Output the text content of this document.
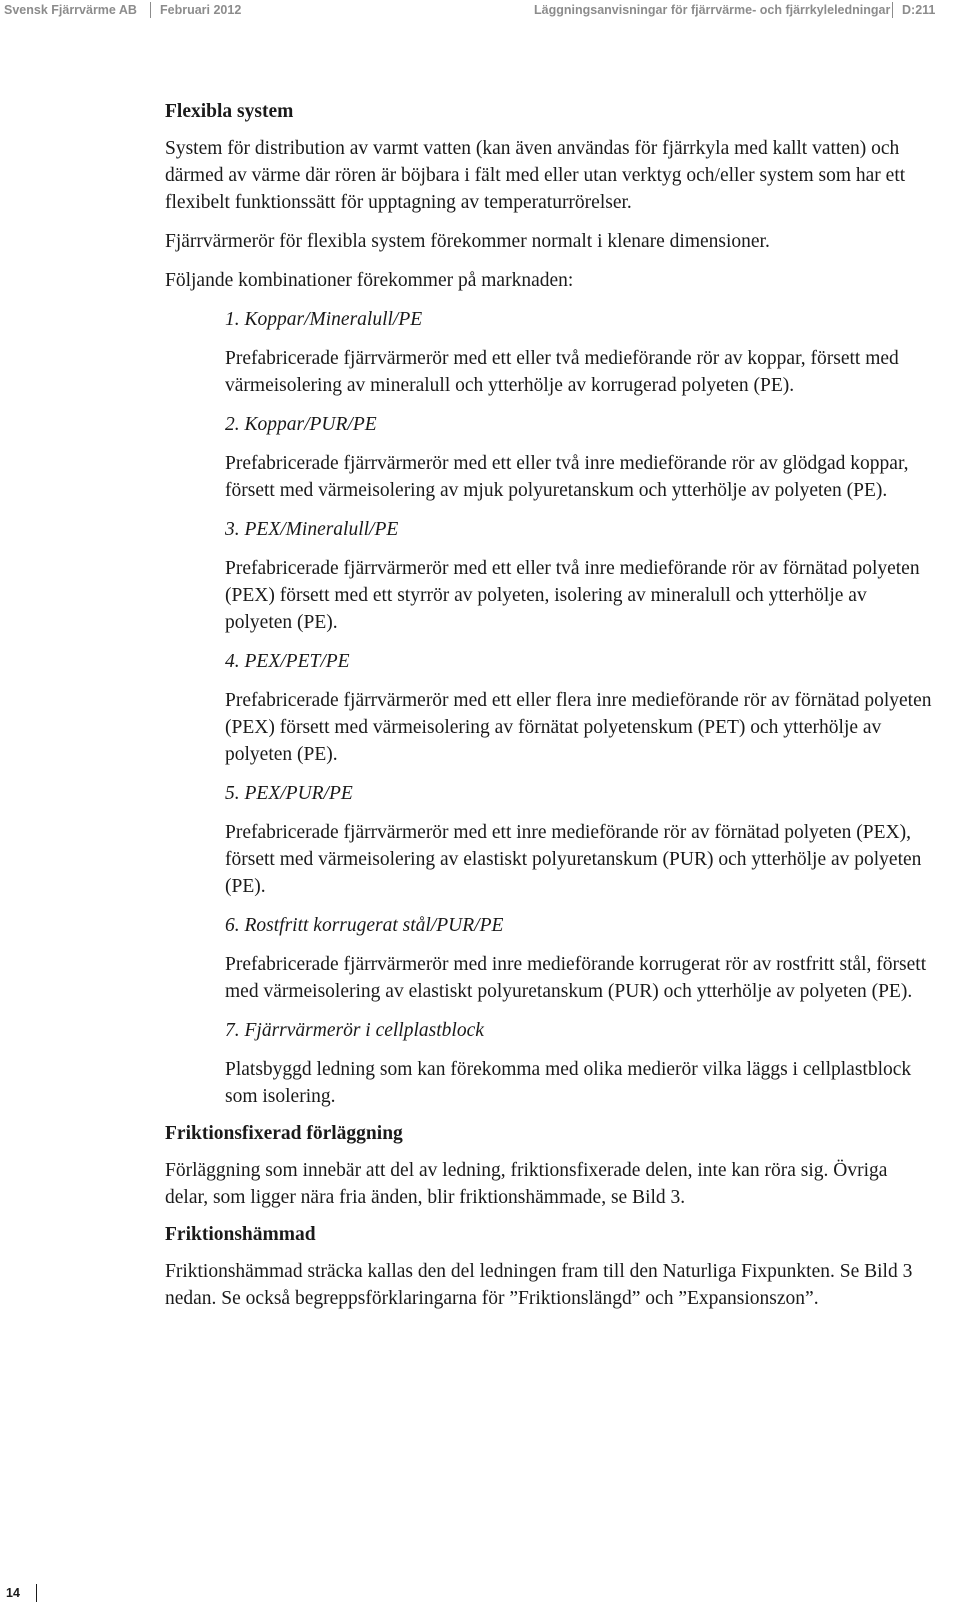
Svensk Fjärrvärme AB Februari 2012	Läggningsanvisningar för fjärrvärme- och fjärrkyleledningar D:211
Flexibla system

System för distribution av varmt vatten (kan även användas för fjärrkyla med kallt vatten) och därmed av värme där rören är böjbara i fält med eller utan verktyg och/eller system som har ett flexibelt funktionssätt för upptagning av temperaturrörelser.

Fjärrvärmerör för flexibla system förekommer normalt i klenare dimensioner.

Följande kombinationer förekommer på marknaden:

1. Koppar/Mineralull/PE

Prefabricerade fjärrvärmerör med ett eller två medieförande rör av koppar, försett med värmeisolering av mineralull och ytterhölje av korrugerad polyeten (PE).

2. Koppar/PUR/PE

Prefabricerade fjärrvärmerör med ett eller två inre medieförande rör av glödgad koppar, försett med värmeisolering av mjuk polyuretanskum och ytterhölje av polyeten (PE).

3. PEX/Mineralull/PE

Prefabricerade fjärrvärmerör med ett eller två inre medieförande rör av förnätad polyeten (PEX) försett med ett styrrör av polyeten, isolering av mineralull och ytterhölje av polyeten (PE).

4. PEX/PET/PE

Prefabricerade fjärrvärmerör med ett eller flera inre medieförande rör av förnätad polyeten (PEX) försett med värmeisolering av förnätat polyetenskum (PET) och ytterhölje av polyeten (PE).

5. PEX/PUR/PE

Prefabricerade fjärrvärmerör med ett inre medieförande rör av förnätad polyeten (PEX), försett med värmeisolering av elastiskt polyuretanskum (PUR) och ytterhölje av polyeten (PE).

6. Rostfritt korrugerat stål/PUR/PE

Prefabricerade fjärrvärmerör med inre medieförande korrugerat rör av rostfritt stål, försett med värmeisolering av elastiskt polyuretanskum (PUR) och ytterhölje av polyeten (PE).

7. Fjärrvärmerör i cellplastblock

Platsbyggd ledning som kan förekomma med olika medierör vilka läggs i cellplastblock som isolering.

Friktionsfixerad förläggning

Förläggning som innebär att del av ledning, friktionsfixerade delen, inte kan röra sig. Övriga delar, som ligger nära fria änden, blir friktionshämmade, se Bild 3.

Friktionshämmad

Friktionshämmad sträcka kallas den del ledningen fram till den Naturliga Fixpunkten. Se Bild 3 nedan. Se också begreppsförklaringarna för ”Friktionslängd” och ”Expansionszon”.

14
